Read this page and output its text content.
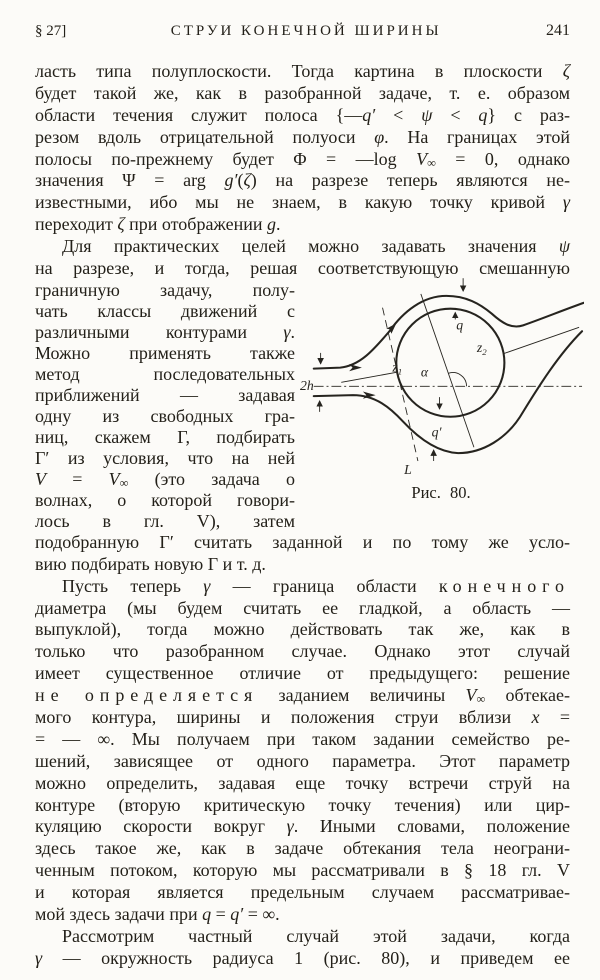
§ 27]	СТРУИ КОНЕЧНОЙ ШИРИНЫ	241
ласть типа полуплоскости. Тогда картина в плоскости ζ
будет такой же, как в разобранной задаче, т. е. образом
области течения служит полоса {—q′ < ψ < q} с раз-
резом вдоль отрицательной полуоси φ. На границах этой
полосы по-прежнему будет Φ = —log V∞ = 0, однако
значения Ψ = arg g′(ζ) на разрезе теперь являются не-
известными, ибо мы не знаем, в какую точку кривой γ
переходит ζ при отображении g.
Для практических целей можно задавать значения ψ
на разрезе, и тогда, решая соответствующую смешанную
граничную задачу, полу-
чать классы движений с
различными контурами γ.
Можно применять также
метод последовательных
приближений — задавая
одну из свободных гра-
ниц, скажем Γ, подбирать
Γ′ из условия, что на ней
V = V∞ (это задача о
волнах, о которой говори-
лось в гл. V), затем
2h
q
q′
α
L
$z_1$
$z_2$
Рис. 80.
подобранную Γ′ считать заданной и по тому же усло-
вию подбирать новую Γ и т. д.
Пусть теперь γ — граница области конечного
диаметра (мы будем считать ее гладкой, а область —
выпуклой), тогда можно действовать так же, как в
только что разобранном случае. Однако этот случай
имеет существенное отличие от предыдущего: решение
не определяется заданием величины V∞ обтекае-
мого контура, ширины и положения струи вблизи x =
= — ∞. Мы получаем при таком задании семейство ре-
шений, зависящее от одного параметра. Этот параметр
можно определить, задавая еще точку встречи струй на
контуре (вторую критическую точку течения) или цир-
куляцию скорости вокруг γ. Иными словами, положение
здесь такое же, как в задаче обтекания тела неограни-
ченным потоком, которую мы рассматривали в § 18 гл. V
и которая является предельным случаем рассматривае-
мой здесь задачи при q = q′ = ∞.
Рассмотрим частный случай этой задачи, когда
γ — окружность радиуса 1 (рис. 80), и приведем ее
